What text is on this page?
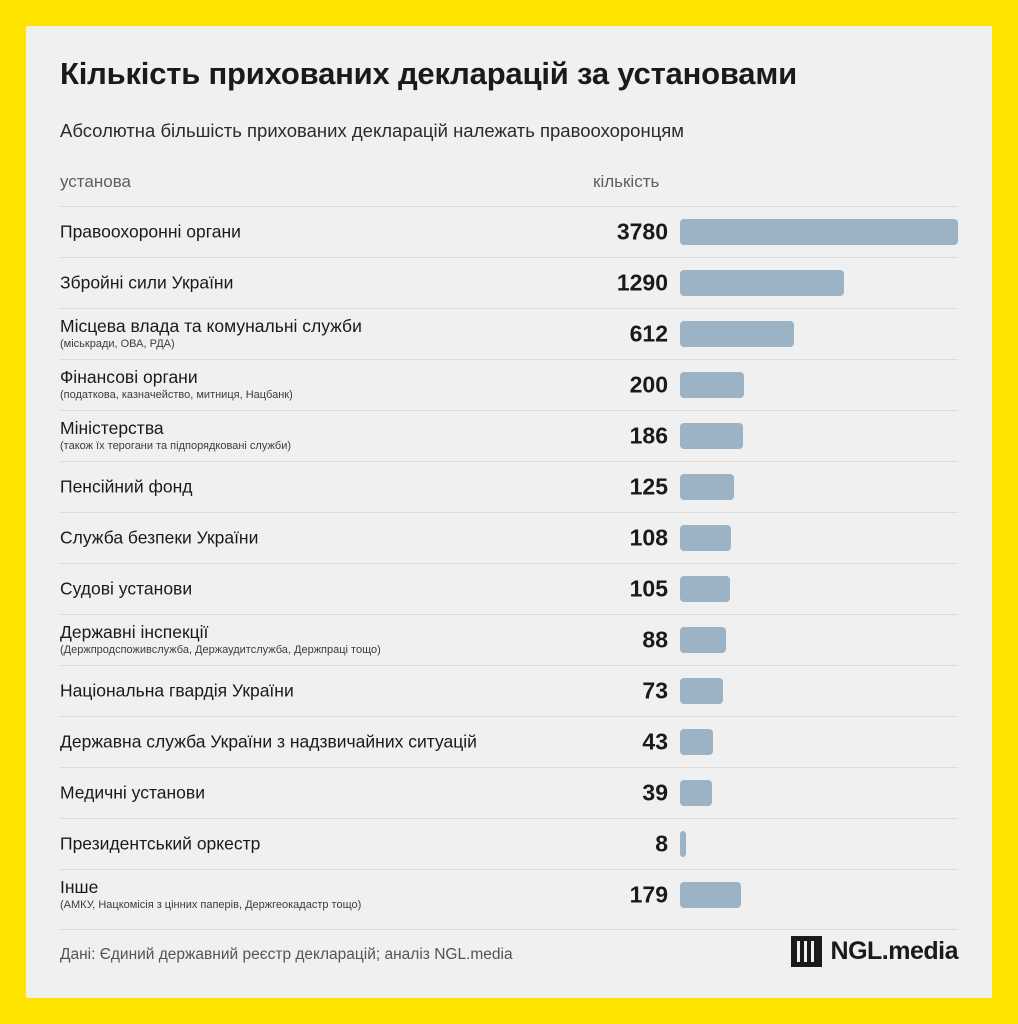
Кількість прихованих декларацій за установами

Абсолютна більшість прихованих декларацій належать правоохоронцям

установа	кількість
Правоохоронні органи	3780
Збройні сили України	1290
Місцева влада та комунальні служби
(міськради, ОВА, РДА)	612
Фінансові органи
(податкова, казначейство, митниця, Нацбанк)	200
Міністерства
(також їх терогани та підпорядковані служби)	186
Пенсійний фонд	125
Служба безпеки України	108
Судові установи	105
Державні інспекції
(Держпродспоживслужба, Держаудитслужба, Держпраці тощо)	88
Національна гвардія України	73
Державна служба України з надзвичайних ситуацій	43
Медичні установи	39
Президентський оркестр	8
Інше
(АМКУ, Нацкомісія з цінних паперів, Держгеокадастр тощо)	179
Дані: Єдиний державний реєстр декларацій; аналіз NGL.media	NGL.media
